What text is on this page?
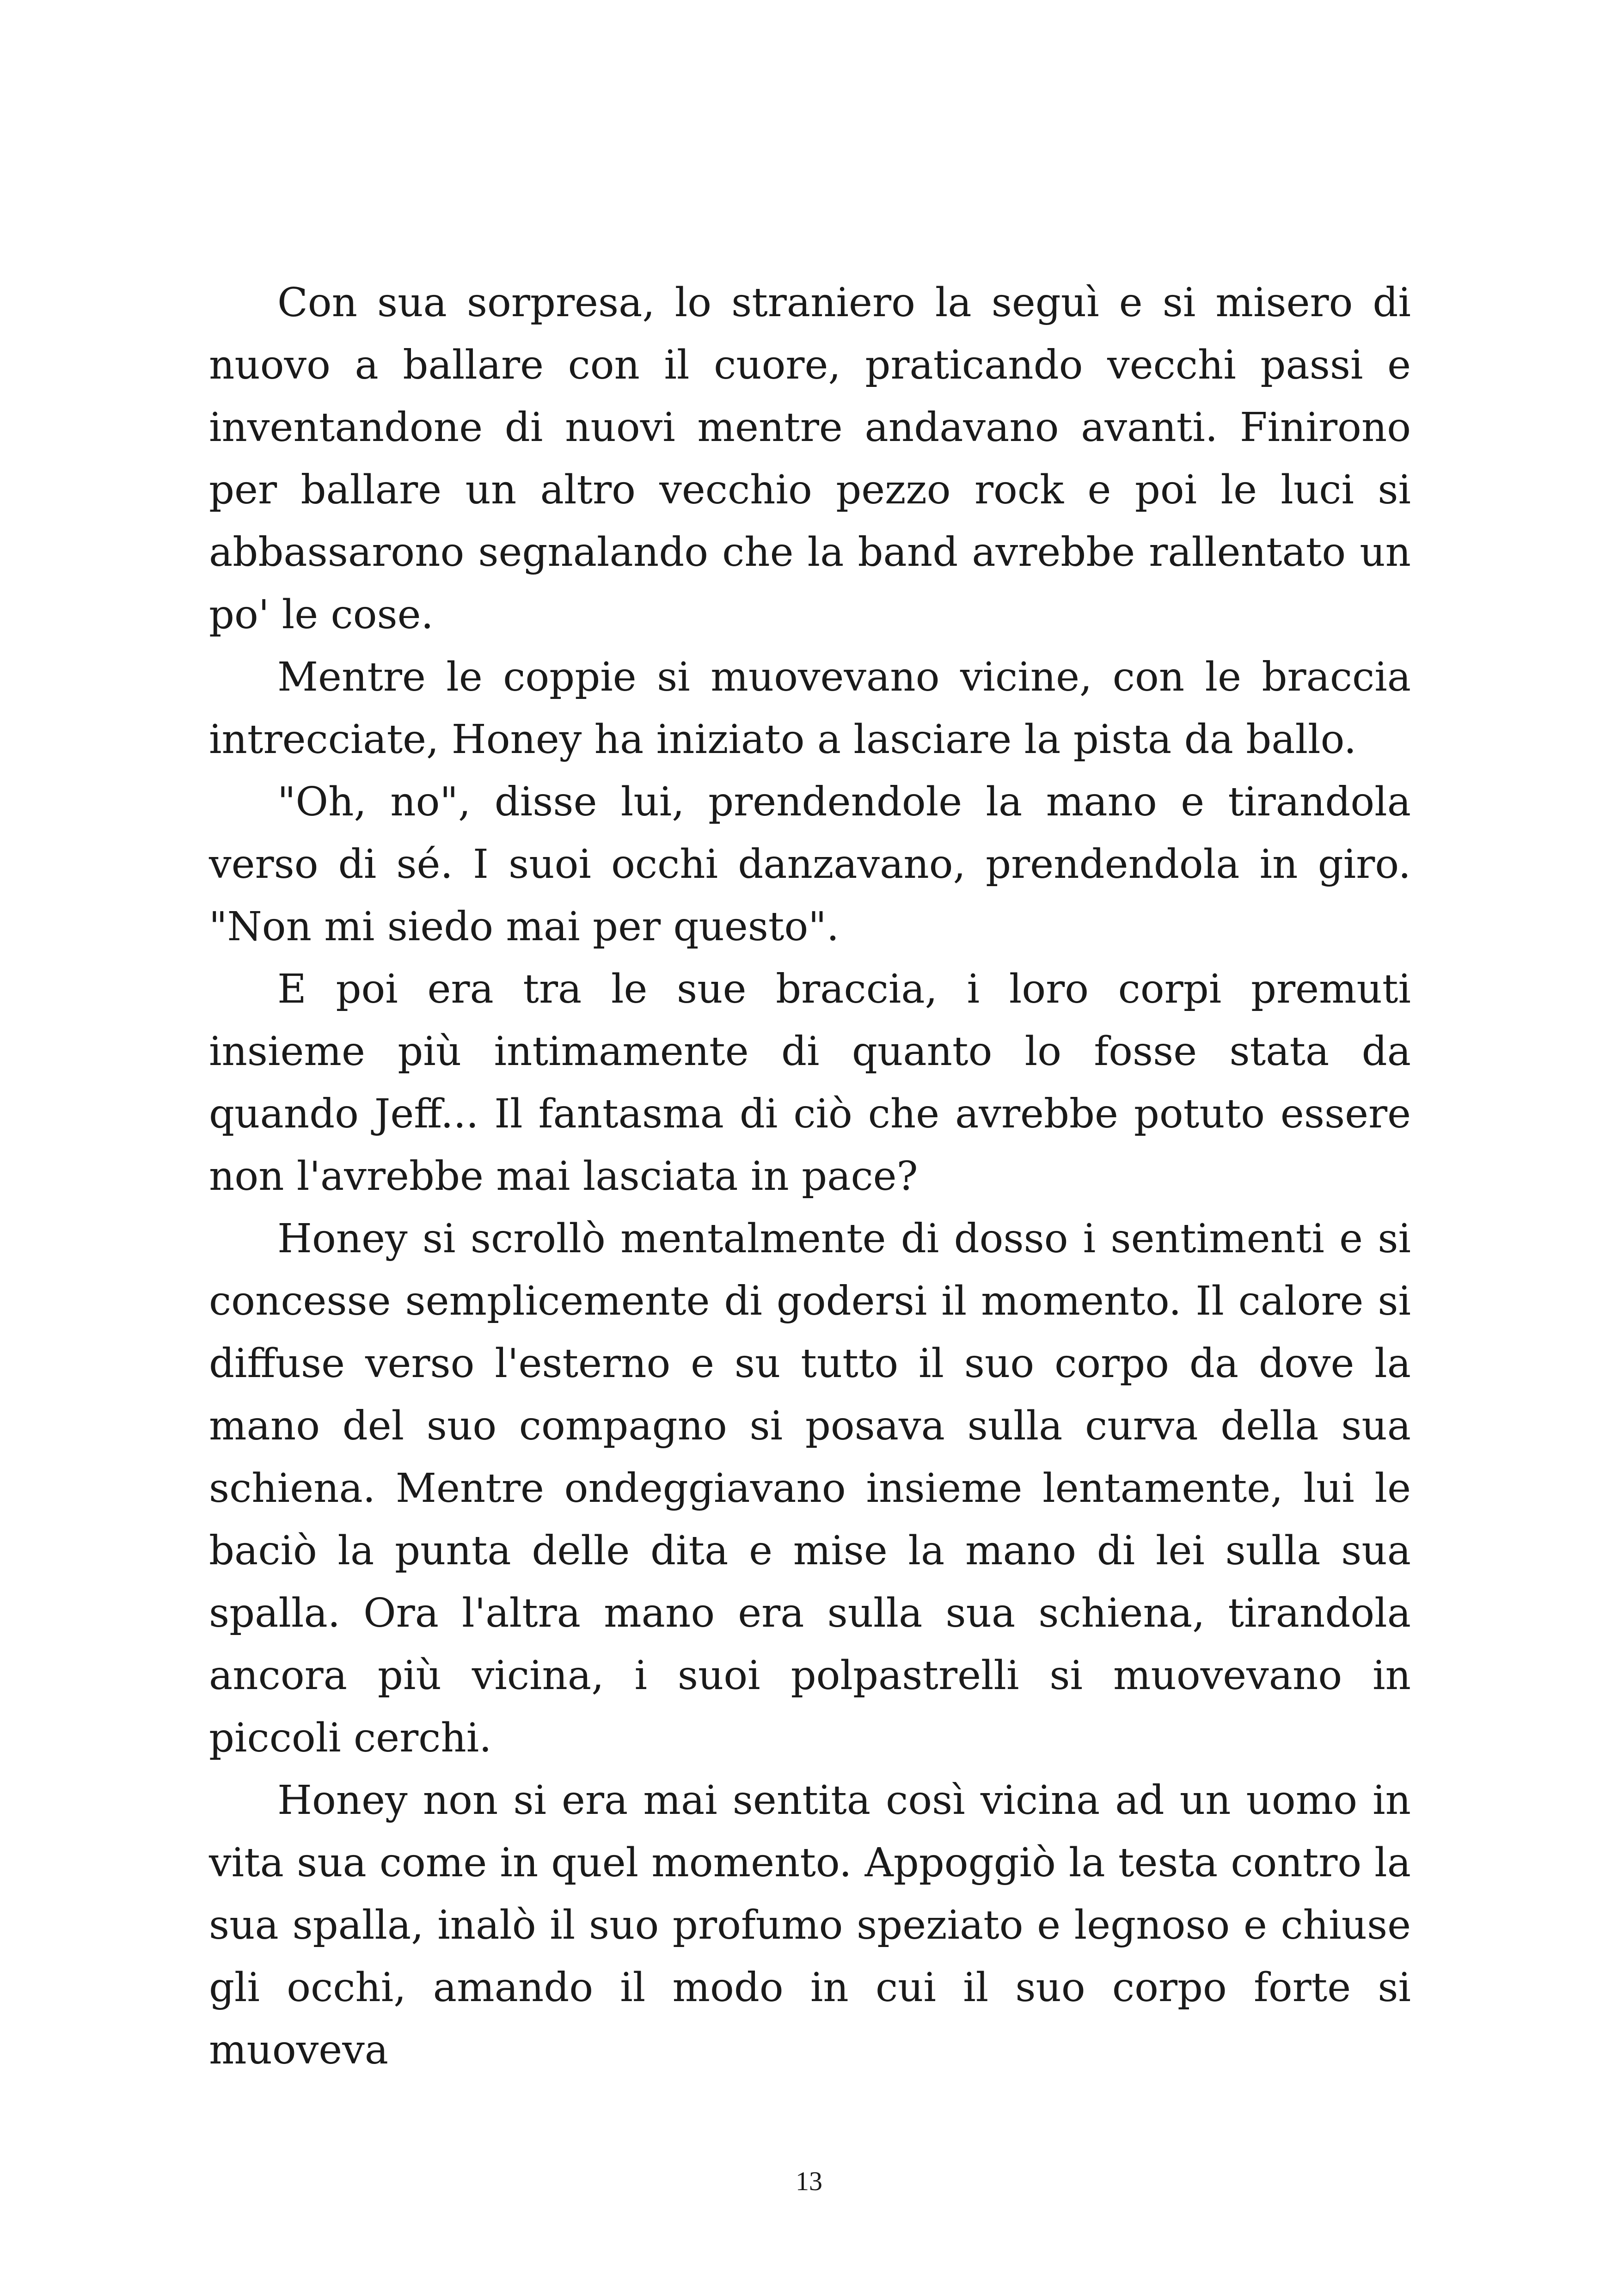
Con sua sorpresa, lo straniero la seguì e si misero di nuovo a ballare con il cuore, praticando vecchi passi e inventandone di nuovi mentre andavano avanti. Finirono per ballare un altro vecchio pezzo rock e poi le luci si abbassarono segnalando che la band avrebbe rallentato un po' le cose.

Mentre le coppie si muovevano vicine, con le braccia intrecciate, Honey ha iniziato a lasciare la pista da ballo.

"Oh, no", disse lui, prendendole la mano e tirandola verso di sé. I suoi occhi danzavano, prendendola in giro. "Non mi siedo mai per questo".

E poi era tra le sue braccia, i loro corpi premuti insieme più intimamente di quanto lo fosse stata da quando Jeff... Il fantasma di ciò che avrebbe potuto essere non l'avrebbe mai lasciata in pace?

Honey si scrollò mentalmente di dosso i sentimenti e si concesse semplicemente di godersi il momento. Il calore si diffuse verso l'esterno e su tutto il suo corpo da dove la mano del suo compagno si posava sulla curva della sua schiena. Mentre ondeggiavano insieme lentamente, lui le baciò la punta delle dita e mise la mano di lei sulla sua spalla. Ora l'altra mano era sulla sua schiena, tirandola ancora più vicina, i suoi polpastrelli si muovevano in piccoli cerchi.

Honey non si era mai sentita così vicina ad un uomo in vita sua come in quel momento. Appoggiò la testa contro la sua spalla, inalò il suo profumo speziato e legnoso e chiuse gli occhi, amando il modo in cui il suo corpo forte si muoveva

13
